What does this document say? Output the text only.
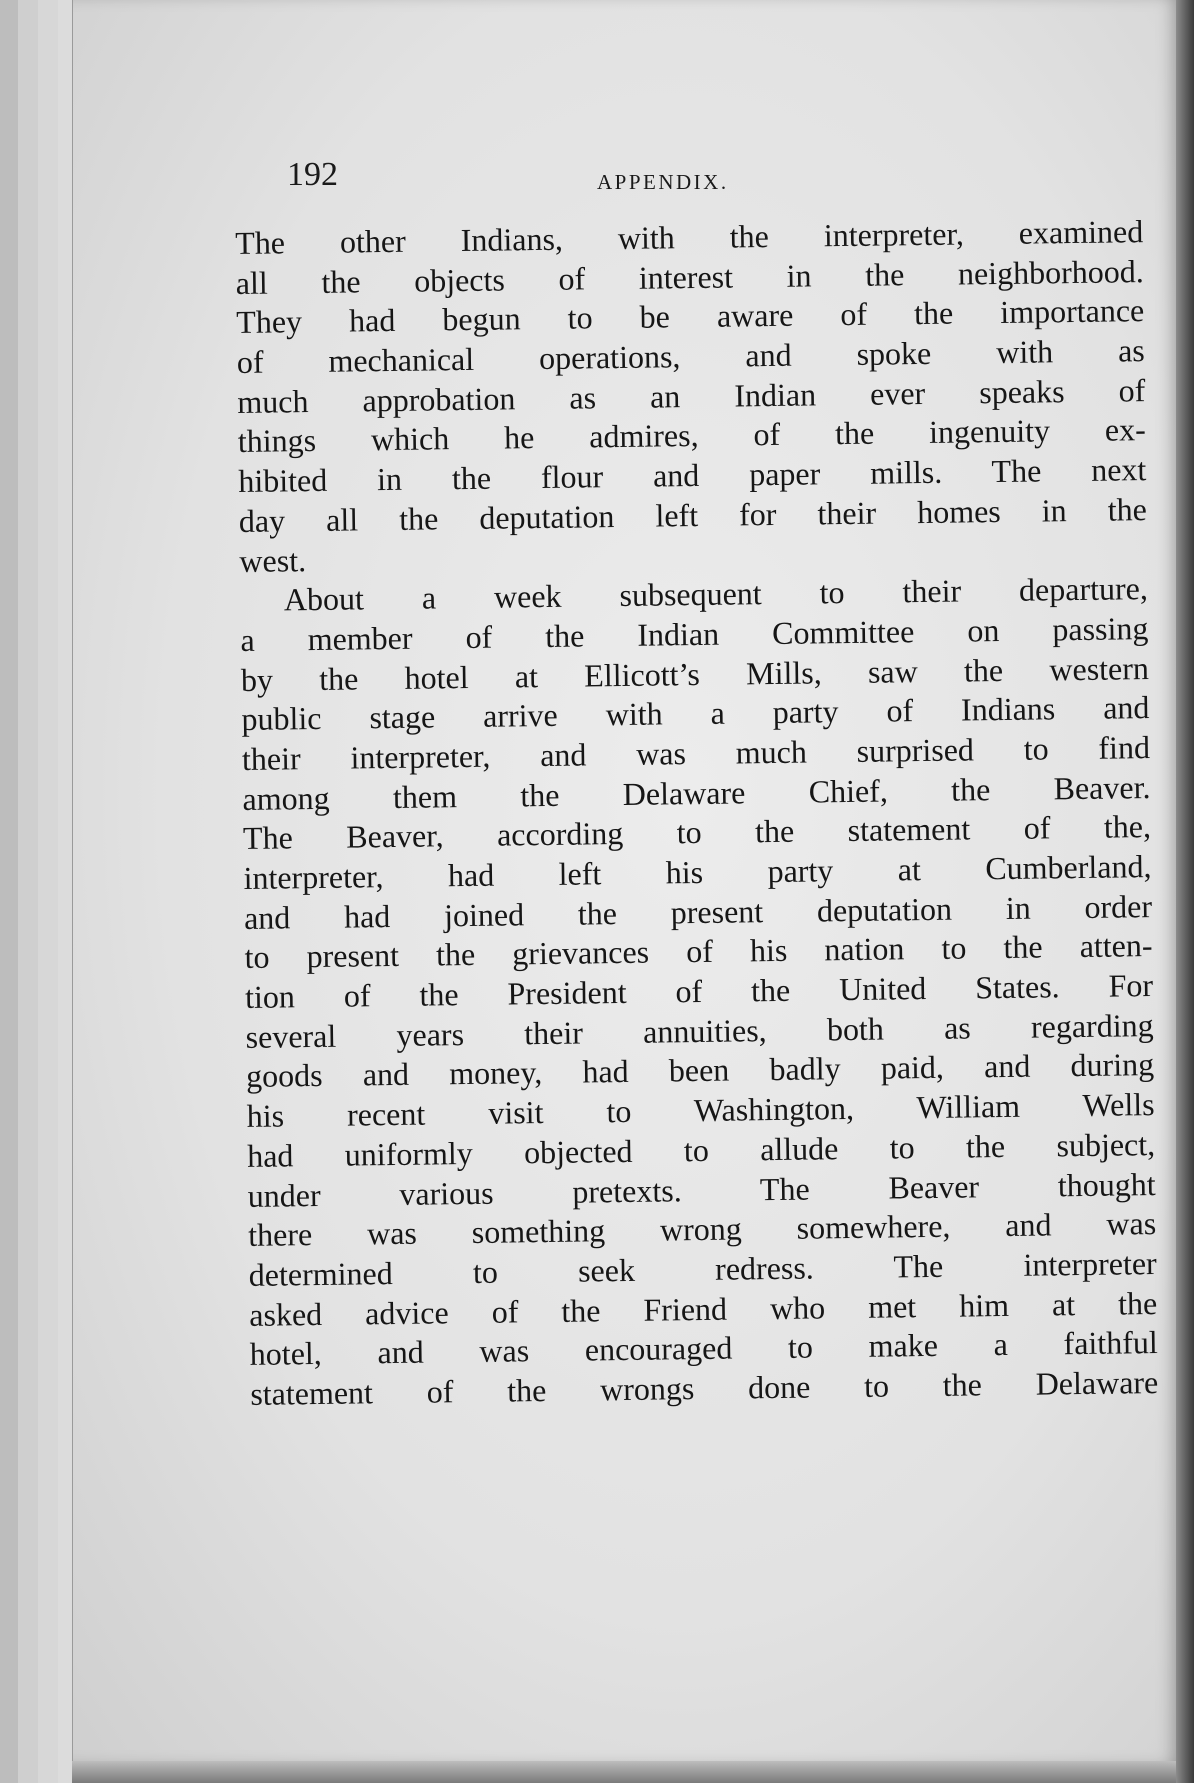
192	APPENDIX.
The other Indians, with the interpreter, examined
all the objects of interest in the neighborhood.
They had begun to be aware of the importance
of mechanical operations, and spoke with as
much approbation as an Indian ever speaks of
things which he admires, of the ingenuity ex-
hibited in the flour and paper mills. The next
day all the deputation left for their homes in the
west.
About a week subsequent to their departure,
a member of the Indian Committee on passing
by the hotel at Ellicott’s Mills, saw the western
public stage arrive with a party of Indians and
their interpreter, and was much surprised to find
among them the Delaware Chief, the Beaver.
The Beaver, according to the statement of the,
interpreter, had left his party at Cumberland,
and had joined the present deputation in order
to present the grievances of his nation to the atten-
tion of the President of the United States. For
several years their annuities, both as regarding
goods and money, had been badly paid, and during
his recent visit to Washington, William Wells
had uniformly objected to allude to the subject,
under various pretexts. The Beaver thought
there was something wrong somewhere, and was
determined to seek redress. The interpreter
asked advice of the Friend who met him at the
hotel, and was encouraged to make a faithful
statement of the wrongs done to the Delaware
